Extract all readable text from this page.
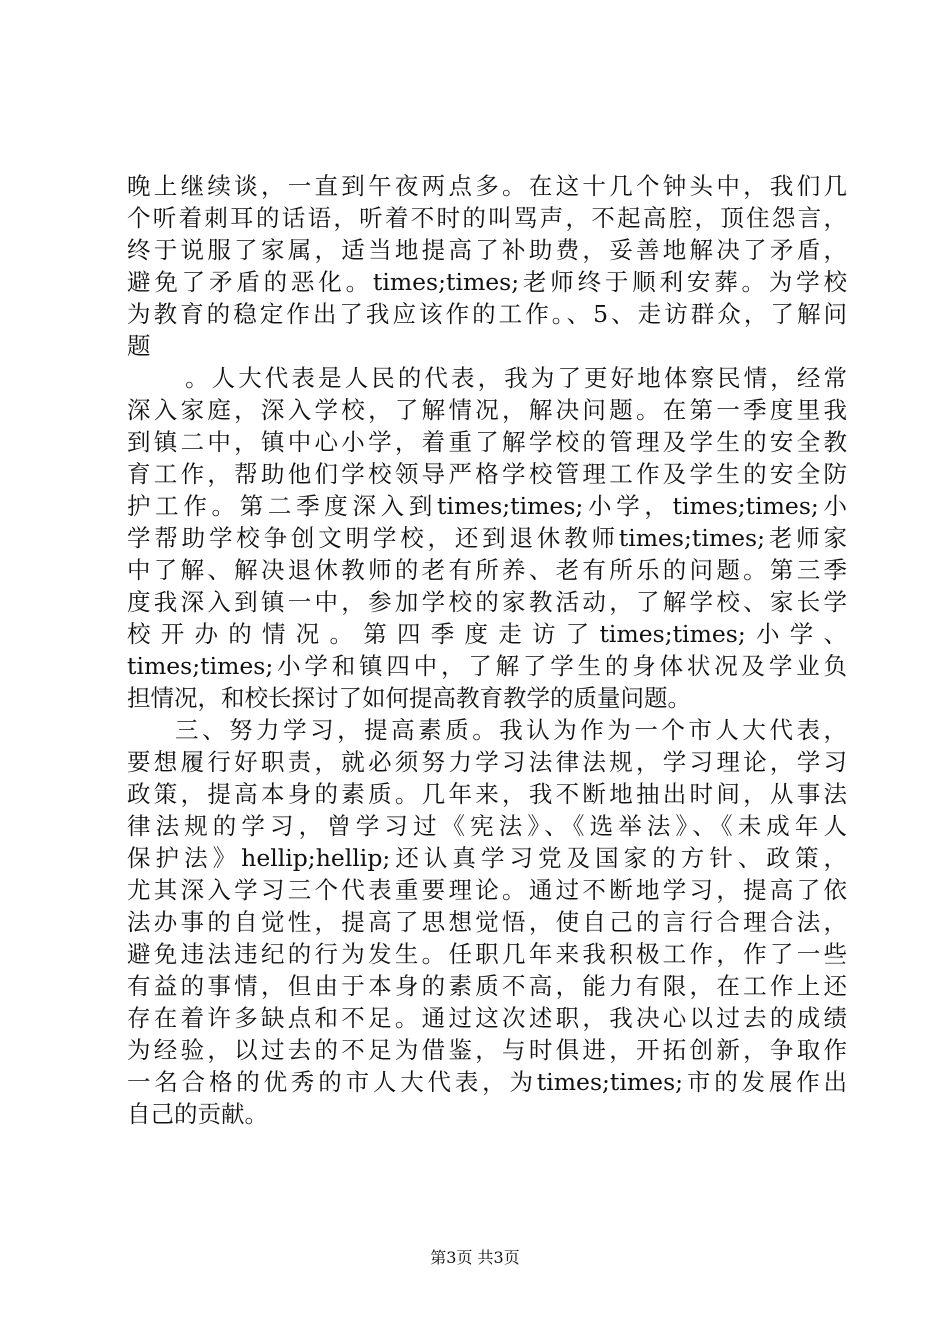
晚上继续谈，一直到午夜两点多。在这十几个钟头中，我们几
个听着刺耳的话语，听着不时的叫骂声，不起高腔，顶住怨言，
终于说服了家属，适当地提高了补助费，妥善地解决了矛盾，
避免了矛盾的恶化。times;times;老师终于顺利安葬。为学校
为教育的稳定作出了我应该作的工作。、5、走访群众，了解问
题
。人大代表是人民的代表，我为了更好地体察民情，经常
深入家庭，深入学校，了解情况，解决问题。在第一季度里我
到镇二中，镇中心小学，着重了解学校的管理及学生的安全教
育工作，帮助他们学校领导严格学校管理工作及学生的安全防
护工作。第二季度深入到times;times;小学，times;times;小
学帮助学校争创文明学校，还到退休教师times;times;老师家
中了解、解决退休教师的老有所养、老有所乐的问题。第三季
度我深入到镇一中，参加学校的家教活动，了解学校、家长学
校开办的情况。第四季度走访了times;times;小学、
times;times;小学和镇四中，了解了学生的身体状况及学业负
担情况，和校长探讨了如何提高教育教学的质量问题。
三、努力学习，提高素质。我认为作为一个市人大代表，
要想履行好职责，就必须努力学习法律法规，学习理论，学习
政策，提高本身的素质。几年来，我不断地抽出时间，从事法
律法规的学习，曾学习过《宪法》、《选举法》、《未成年人
保护法》hellip;hellip;还认真学习党及国家的方针、政策，
尤其深入学习三个代表重要理论。通过不断地学习，提高了依
法办事的自觉性，提高了思想觉悟，使自己的言行合理合法，
避免违法违纪的行为发生。任职几年来我积极工作，作了一些
有益的事情，但由于本身的素质不高，能力有限，在工作上还
存在着许多缺点和不足。通过这次述职，我决心以过去的成绩
为经验，以过去的不足为借鉴，与时俱进，开拓创新，争取作
一名合格的优秀的市人大代表，为times;times;市的发展作出
自己的贡献。
第3页 共3页
